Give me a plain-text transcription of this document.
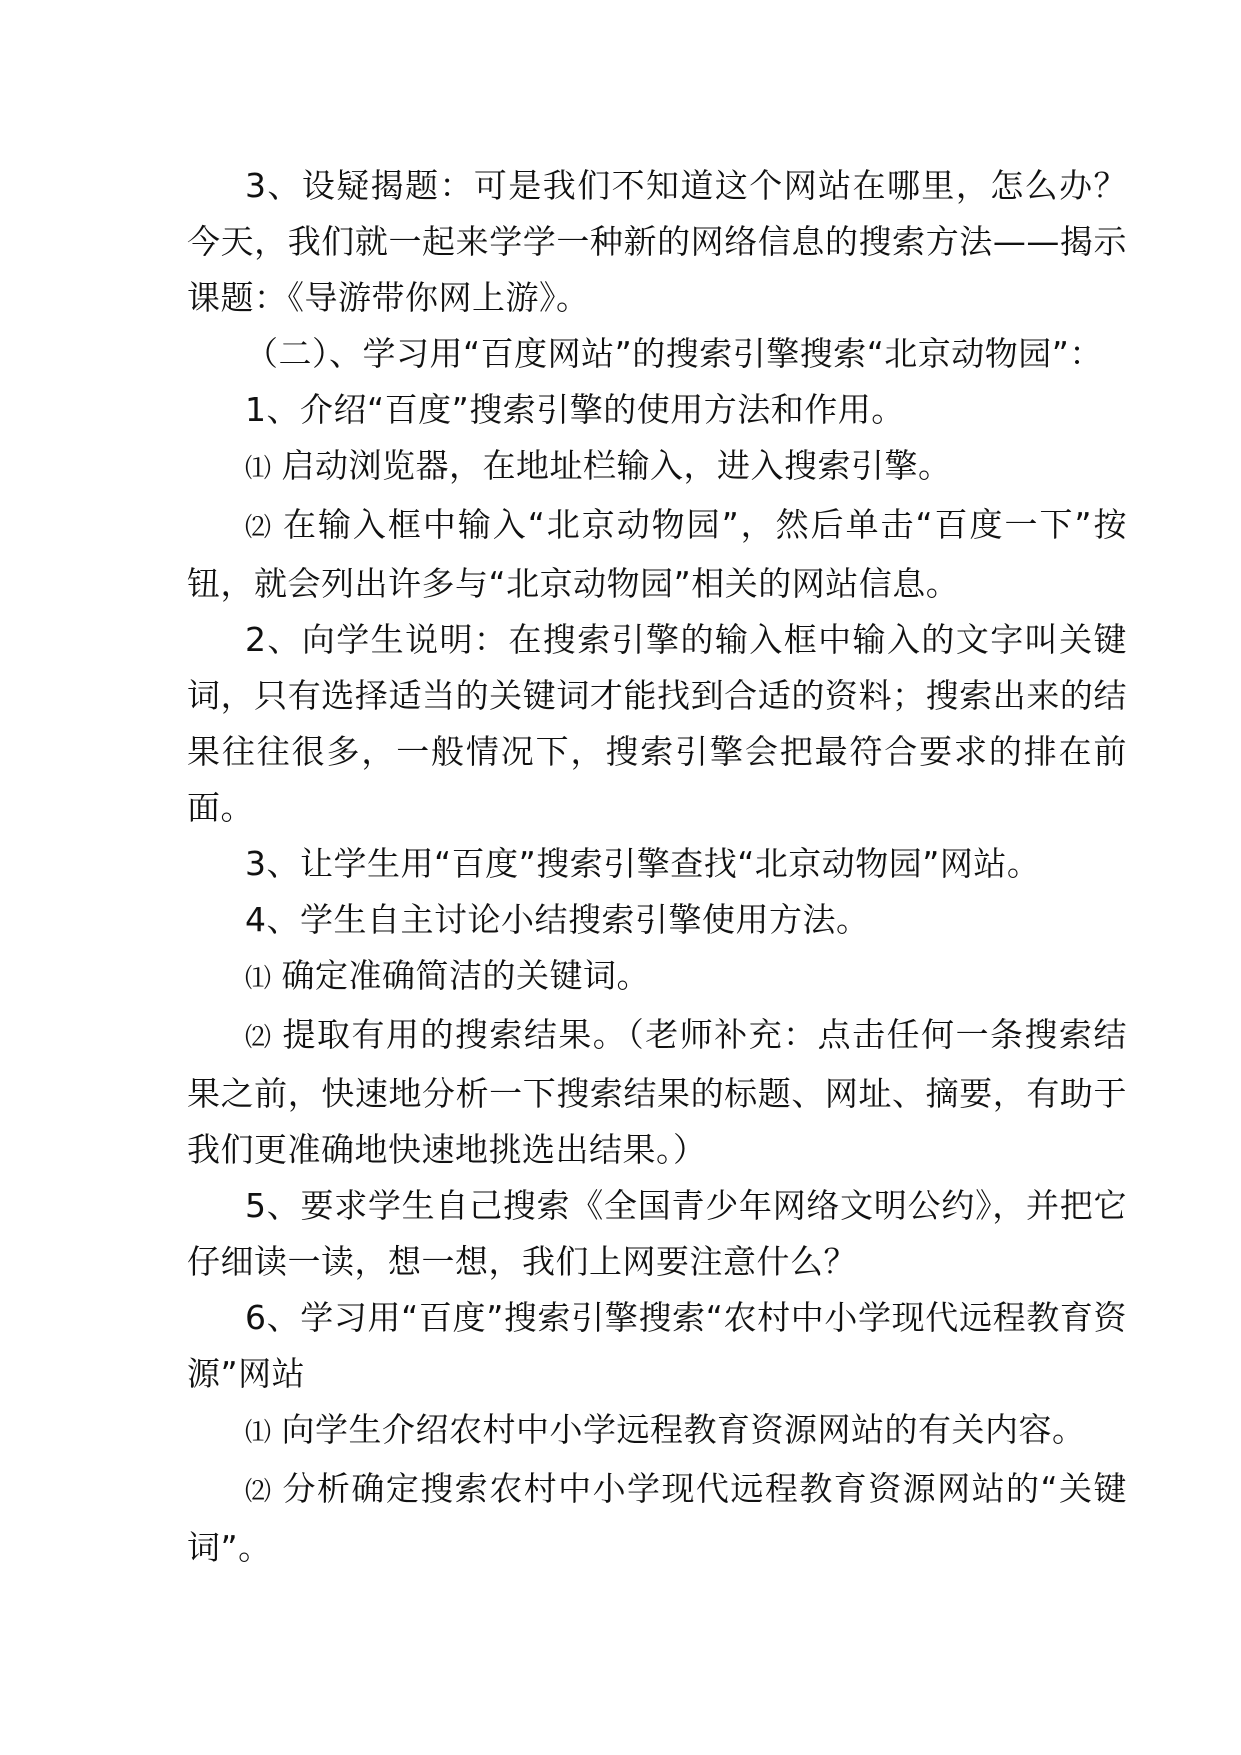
3、设疑揭题：可是我们不知道这个网站在哪里，怎么办？今天，我们就一起来学学一种新的网络信息的搜索方法——揭示课题：《导游带你网上游》。

（二）、学习用“百度网站”的搜索引擎搜索“北京动物园”：

1、介绍“百度”搜索引擎的使用方法和作用。

⑴ 启动浏览器，在地址栏输入，进入搜索引擎。

⑵ 在输入框中输入“北京动物园”，然后单击“百度一下”按钮，就会列出许多与“北京动物园”相关的网站信息。

2、向学生说明：在搜索引擎的输入框中输入的文字叫关键词，只有选择适当的关键词才能找到合适的资料；搜索出来的结果往往很多，一般情况下，搜索引擎会把最符合要求的排在前面。

3、让学生用“百度”搜索引擎查找“北京动物园”网站。

4、学生自主讨论小结搜索引擎使用方法。

⑴ 确定准确简洁的关键词。

⑵ 提取有用的搜索结果。（老师补充：点击任何一条搜索结果之前，快速地分析一下搜索结果的标题、网址、摘要，有助于我们更准确地快速地挑选出结果。）

5、要求学生自己搜索《全国青少年网络文明公约》，并把它仔细读一读，想一想，我们上网要注意什么？

6、学习用“百度”搜索引擎搜索“农村中小学现代远程教育资源”网站

⑴ 向学生介绍农村中小学远程教育资源网站的有关内容。

⑵ 分析确定搜索农村中小学现代远程教育资源网站的“关键词”。
